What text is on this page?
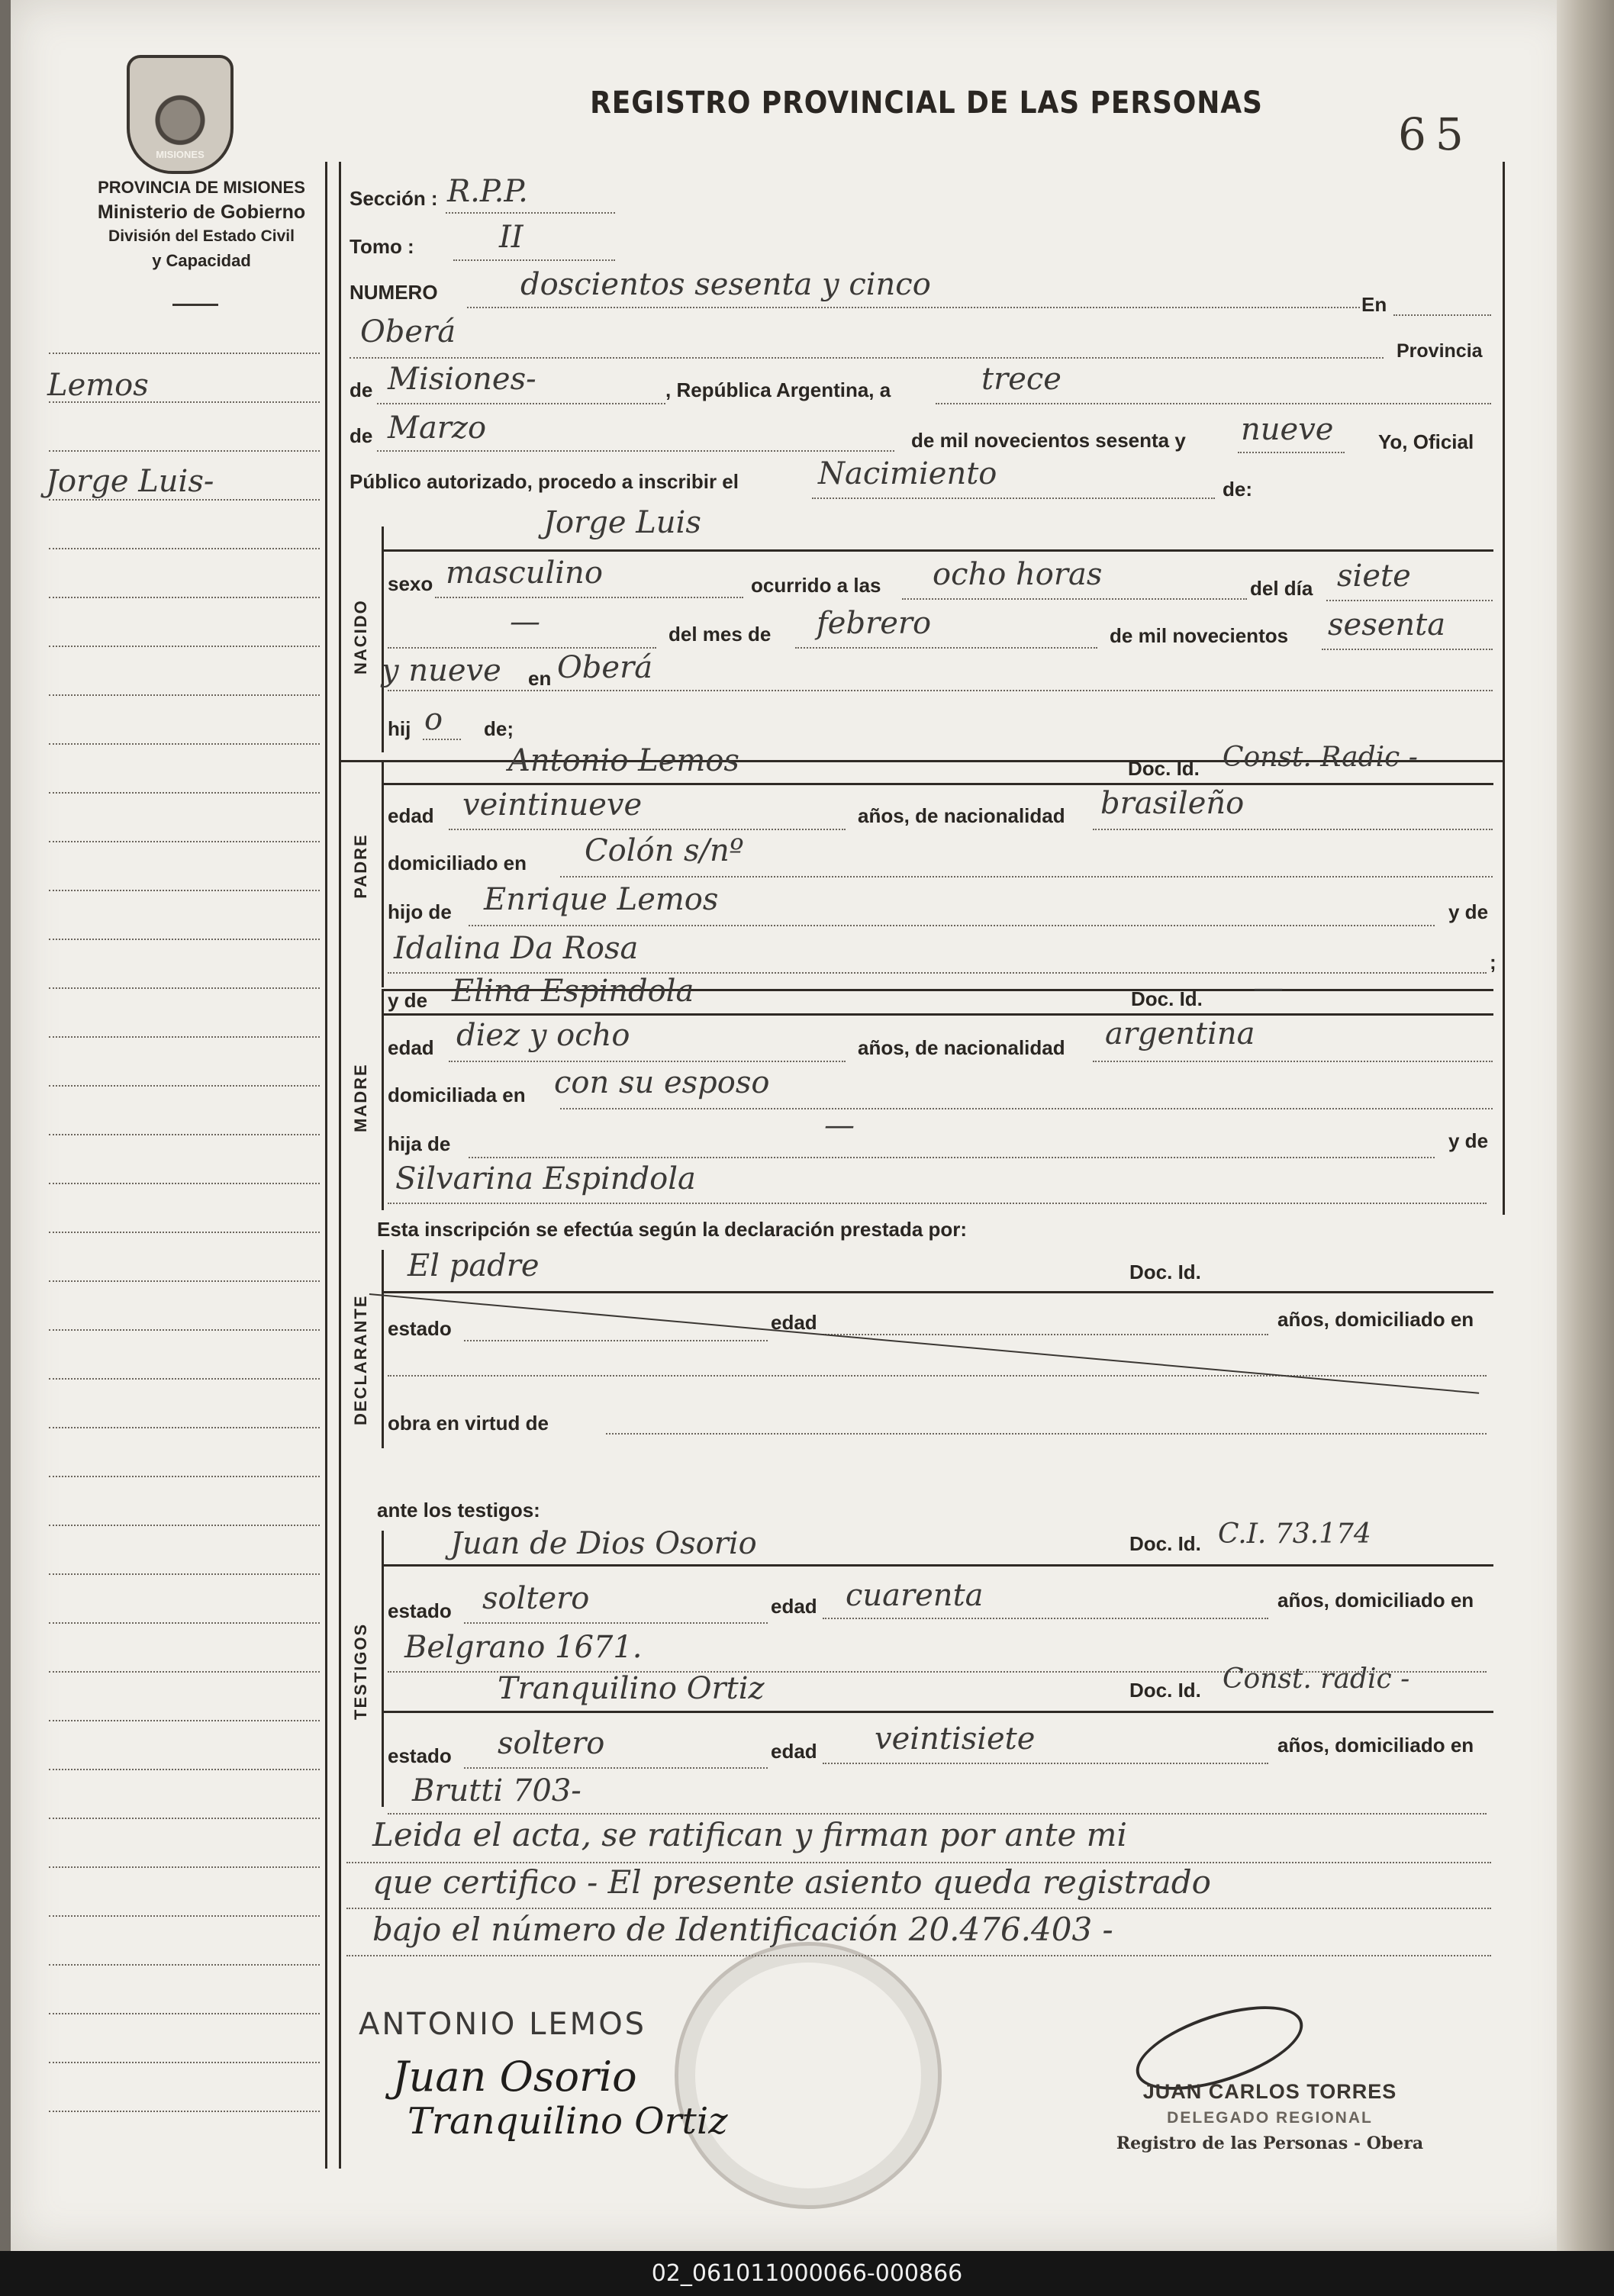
MISIONES
PROVINCIA DE MISIONES
Ministerio de Gobierno
División del Estado Civil
y Capacidad
REGISTRO PROVINCIAL DE LAS PERSONAS
65
Lemos
Jorge Luis-
Sección : R.P.P.
Tomo :	II
NUMERO	doscientos sesenta y cinco
En
Oberá
Provincia
de Misiones-	, República Argentina, a	trece
de Marzo	de mil novecientos sesenta y nueve Yo, Oficial
Público autorizado, procedo a inscribir el	Nacimiento	de:
NACIDO
Jorge Luis
sexo masculino	ocurrido a las ocho horas	del día siete
—	del mes de febrero	de mil novecientos sesenta
y nueve en Oberá
hij o de;
PADRE
Antonio Lemos	Doc. Id. Const. Radic -
edad veintinueve	años, de nacionalidad brasileño
domiciliado en Colón s/nº
hijo de Enrique Lemos	y de
Idalina Da Rosa	;
MADRE
y de Elina Espindola	Doc. Id. —
edad diez y ocho	años, de nacionalidad argentina
domiciliada en con su esposo
hija de
—	y de
Silvarina Espindola
Esta inscripción se efectúa según la declaración prestada por:
DECLARANTE
El padre	Doc. Id.
estado	edad	años, domiciliado en
obra en virtud de
ante los testigos:
TESTIGOS
Juan de Dios Osorio	Doc. Id. C.I. 73.174
estado soltero	edad cuarenta	años, domiciliado en
Belgrano 1671.
Tranquilino Ortiz	Doc. Id. Const. radic -
estado soltero	edad veintisiete	años, domiciliado en
Brutti 703-
Leida el acta, se ratifican y firman por ante mi
que certifico - El presente asiento queda registrado
bajo el número de Identificación 20.476.403 -
ANTONIO LEMOS
Juan Osorio
Tranquilino Ortiz
JUAN CARLOS TORRES
DELEGADO REGIONAL
Registro de las Personas - Obera
02_061011000066-000866
